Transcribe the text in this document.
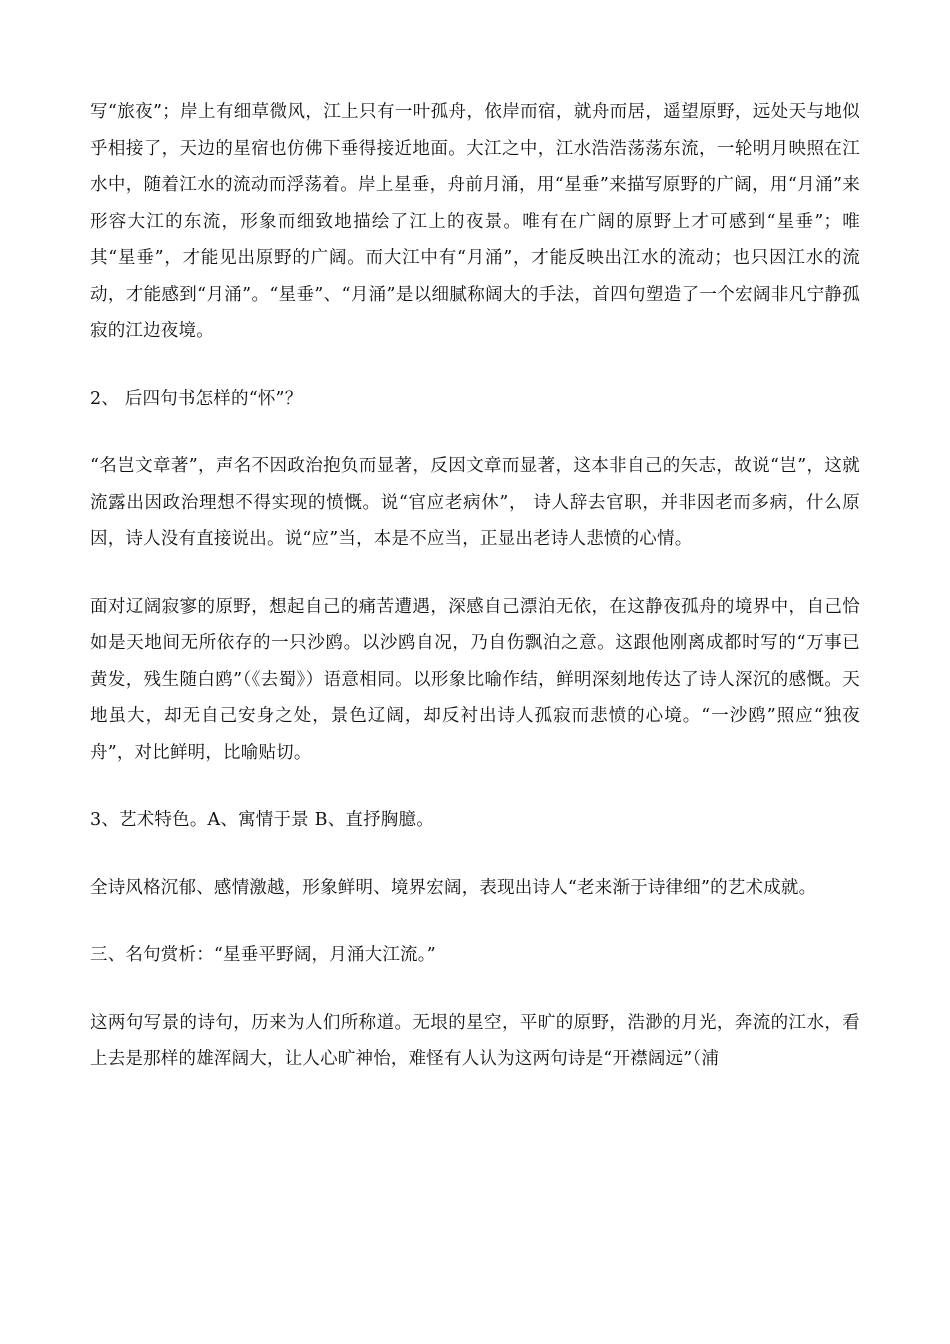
写“旅夜”；岸上有细草微风，江上只有一叶孤舟，依岸而宿，就舟而居，遥望原野，远处天与地似乎相接了，天边的星宿也仿佛下垂得接近地面。大江之中，江水浩浩荡荡东流，一轮明月映照在江水中，随着江水的流动而浮荡着。岸上星垂，舟前月涌，用“星垂”来描写原野的广阔，用“月涌”来形容大江的东流，形象而细致地描绘了江上的夜景。唯有在广阔的原野上才可感到“星垂”；唯其“星垂”，才能见出原野的广阔。而大江中有“月涌”，才能反映出江水的流动；也只因江水的流动，才能感到“月涌”。“星垂”、“月涌”是以细腻称阔大的手法，首四句塑造了一个宏阔非凡宁静孤寂的江边夜境。

2、 后四句书怎样的“怀”？

“名岂文章著”，声名不因政治抱负而显著，反因文章而显著，这本非自己的矢志，故说“岂”，这就流露出因政治理想不得实现的愤慨。说“官应老病休”， 诗人辞去官职，并非因老而多病，什么原因，诗人没有直接说出。说“应”当，本是不应当，正显出老诗人悲愤的心情。

面对辽阔寂寥的原野，想起自己的痛苦遭遇，深感自己漂泊无依，在这静夜孤舟的境界中，自己恰如是天地间无所依存的一只沙鸥。以沙鸥自况，乃自伤飘泊之意。这跟他刚离成都时写的“万事已黄发，残生随白鸥”（《去蜀》）语意相同。以形象比喻作结，鲜明深刻地传达了诗人深沉的感慨。天地虽大，却无自己安身之处，景色辽阔，却反衬出诗人孤寂而悲愤的心境。“一沙鸥”照应“独夜舟”，对比鲜明，比喻贴切。

3、艺术特色。A、寓情于景 B、直抒胸臆。

全诗风格沉郁、感情激越，形象鲜明、境界宏阔，表现出诗人“老来渐于诗律细”的艺术成就。

三、名句赏析：“星垂平野阔，月涌大江流。”

这两句写景的诗句，历来为人们所称道。无垠的星空，平旷的原野，浩渺的月光，奔流的江水，看上去是那样的雄浑阔大，让人心旷神怡，难怪有人认为这两句诗是“开襟阔远”（浦
